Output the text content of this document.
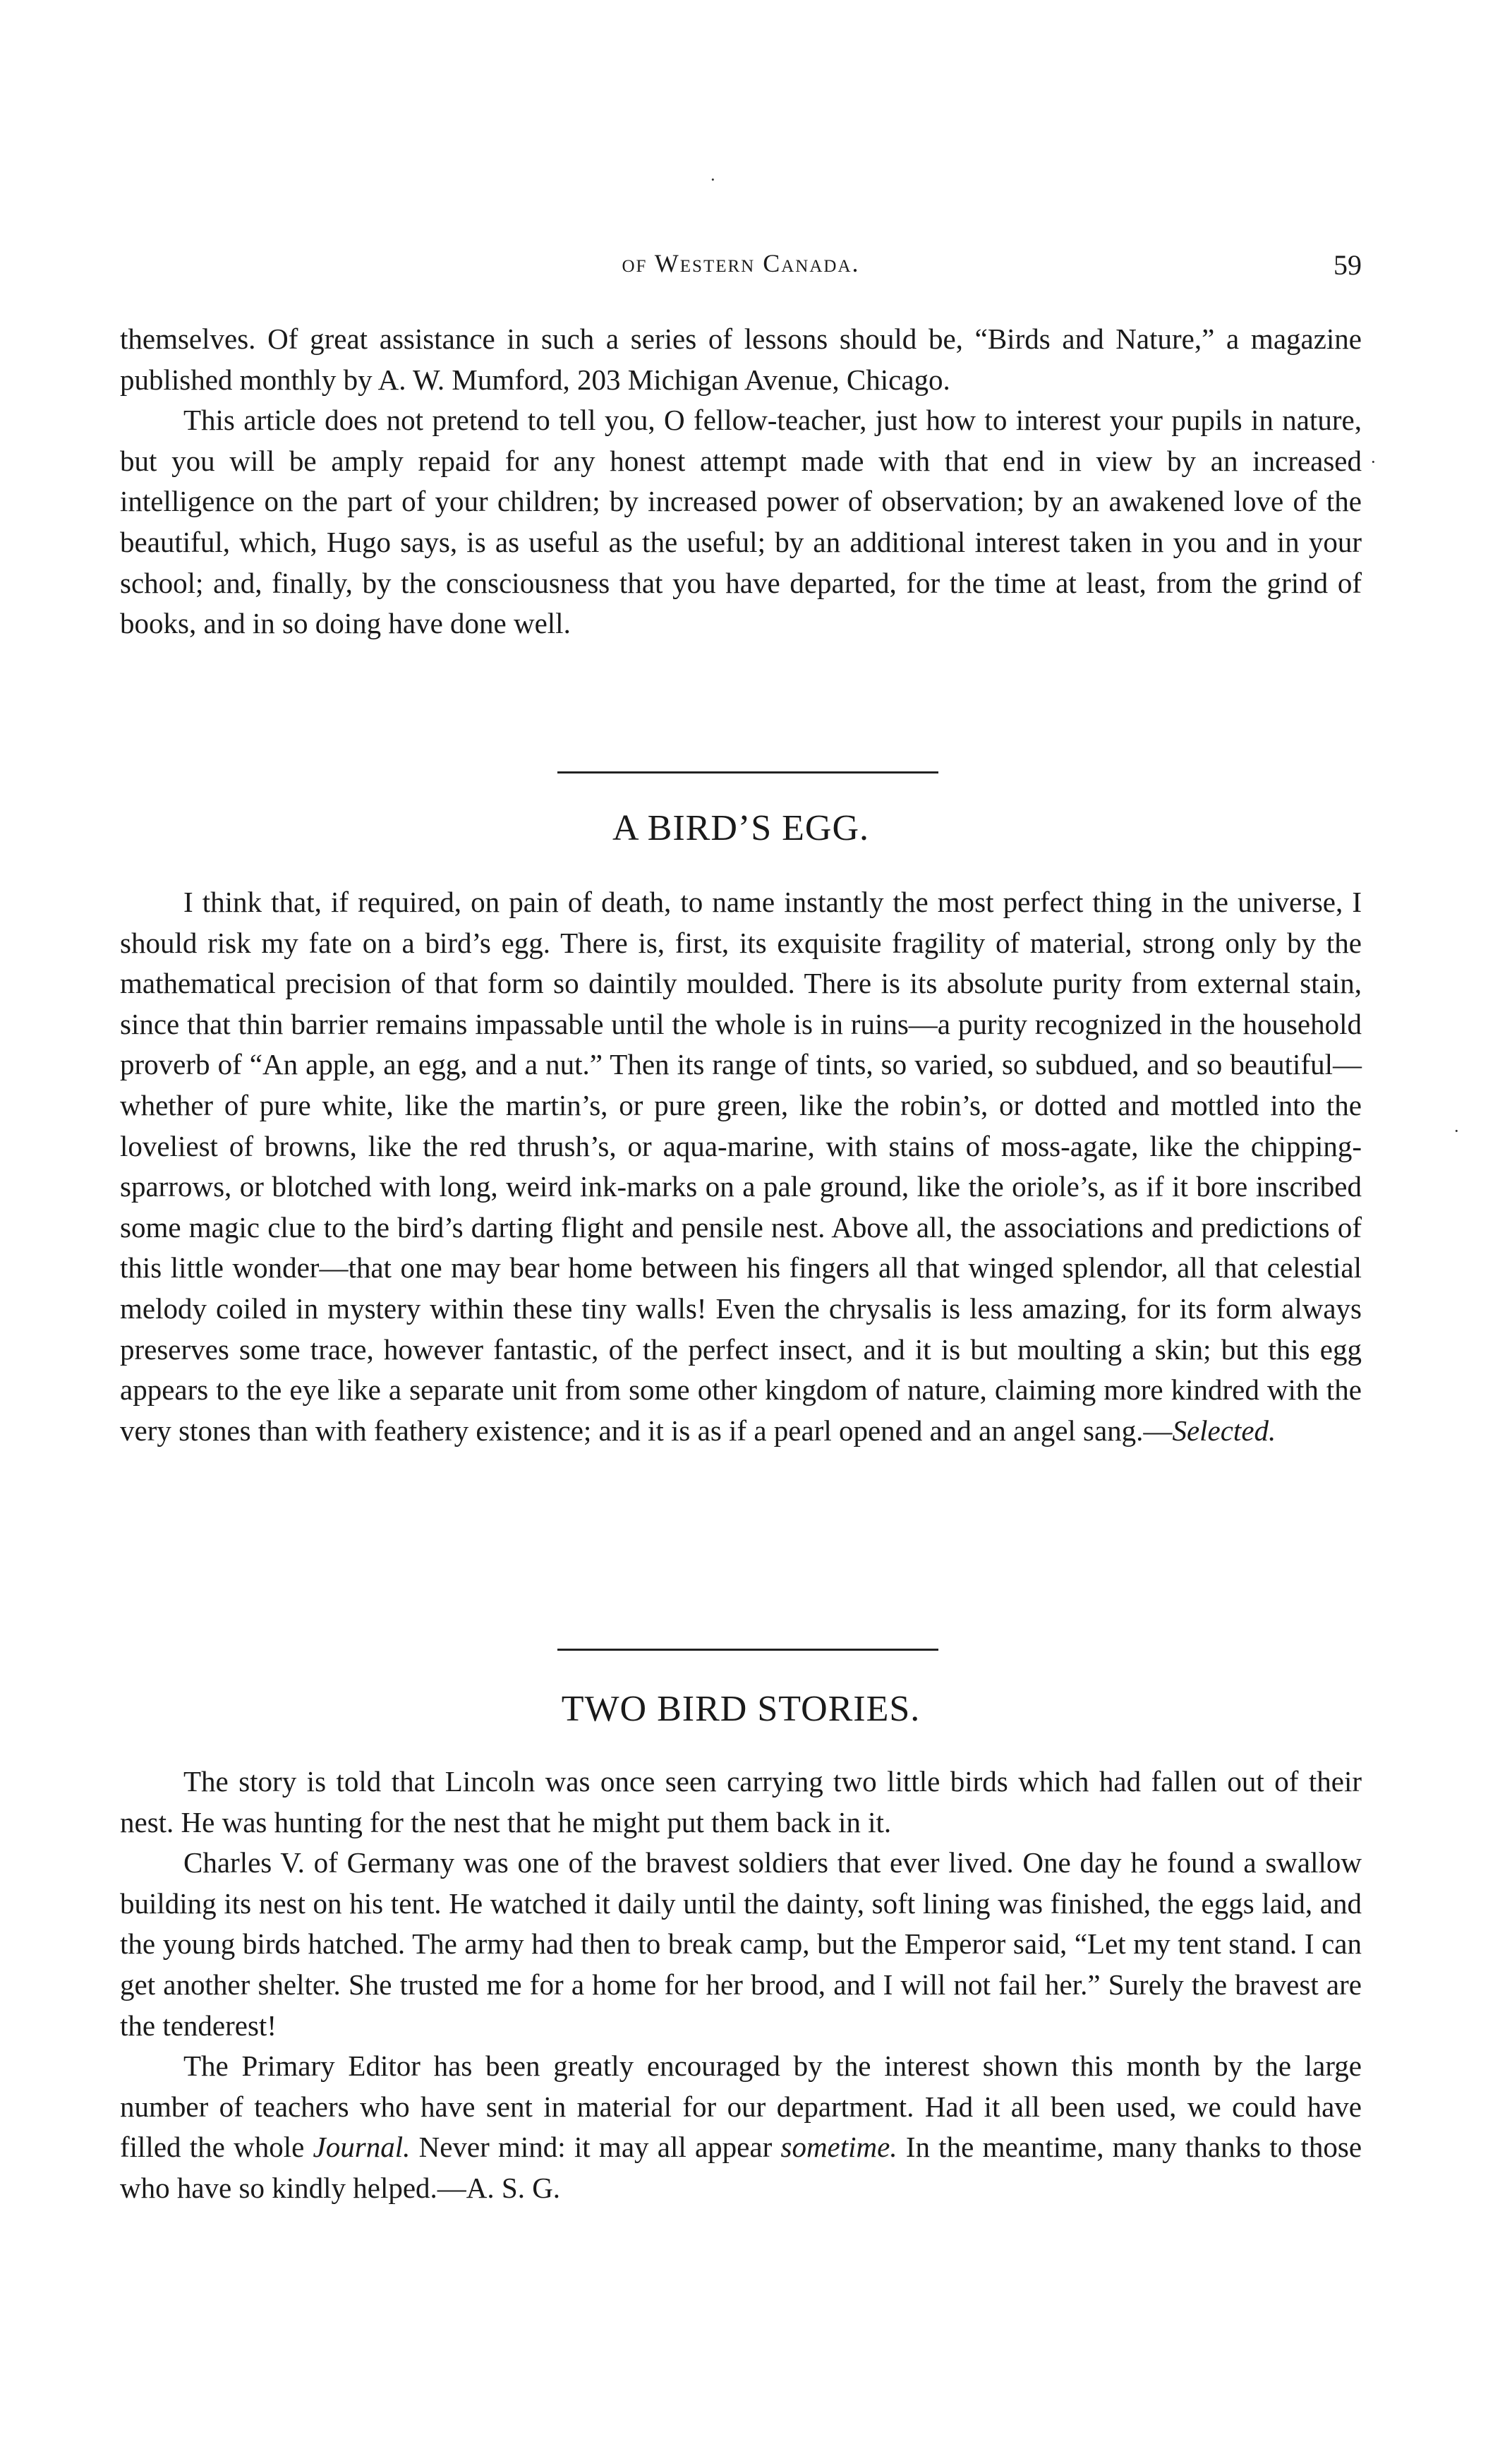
of Western Canada.	59

themselves. Of great assistance in such a series of lessons should be, “Birds and Nature,” a magazine published monthly by A. W. Mumford, 203 Michigan Avenue, Chicago.

This article does not pretend to tell you, O fellow-teacher, just how to interest your pupils in nature, but you will be amply repaid for any honest attempt made with that end in view by an increased intelligence on the part of your children; by increased power of observation; by an awakened love of the beautiful, which, Hugo says, is as useful as the useful; by an additional interest taken in you and in your school; and, finally, by the consciousness that you have departed, for the time at least, from the grind of books, and in so doing have done well.

A BIRD’S EGG.

I think that, if required, on pain of death, to name instantly the most perfect thing in the universe, I should risk my fate on a bird’s egg. There is, first, its exquisite fragility of material, strong only by the mathematical precision of that form so daintily moulded. There is its absolute purity from external stain, since that thin barrier remains impassable until the whole is in ruins—a purity recognized in the household proverb of “An apple, an egg, and a nut.” Then its range of tints, so varied, so subdued, and so beautiful—whether of pure white, like the martin’s, or pure green, like the robin’s, or dotted and mottled into the loveliest of browns, like the red thrush’s, or aqua-marine, with stains of moss-agate, like the chipping-sparrows, or blotched with long, weird ink-marks on a pale ground, like the oriole’s, as if it bore inscribed some magic clue to the bird’s darting flight and pensile nest. Above all, the associations and predictions of this little wonder—that one may bear home between his fingers all that winged splendor, all that celestial melody coiled in mystery within these tiny walls! Even the chrysalis is less amazing, for its form always preserves some trace, however fantastic, of the perfect insect, and it is but moulting a skin; but this egg appears to the eye like a separate unit from some other kingdom of nature, claiming more kindred with the very stones than with feathery existence; and it is as if a pearl opened and an angel sang.—Selected.

TWO BIRD STORIES.

The story is told that Lincoln was once seen carrying two little birds which had fallen out of their nest. He was hunting for the nest that he might put them back in it.

Charles V. of Germany was one of the bravest soldiers that ever lived. One day he found a swallow building its nest on his tent. He watched it daily until the dainty, soft lining was finished, the eggs laid, and the young birds hatched. The army had then to break camp, but the Emperor said, “Let my tent stand. I can get another shelter. She trusted me for a home for her brood, and I will not fail her.” Surely the bravest are the tenderest!

The Primary Editor has been greatly encouraged by the interest shown this month by the large number of teachers who have sent in material for our department. Had it all been used, we could have filled the whole Journal. Never mind: it may all appear sometime. In the meantime, many thanks to those who have so kindly helped.—A. S. G.

·
·
·
